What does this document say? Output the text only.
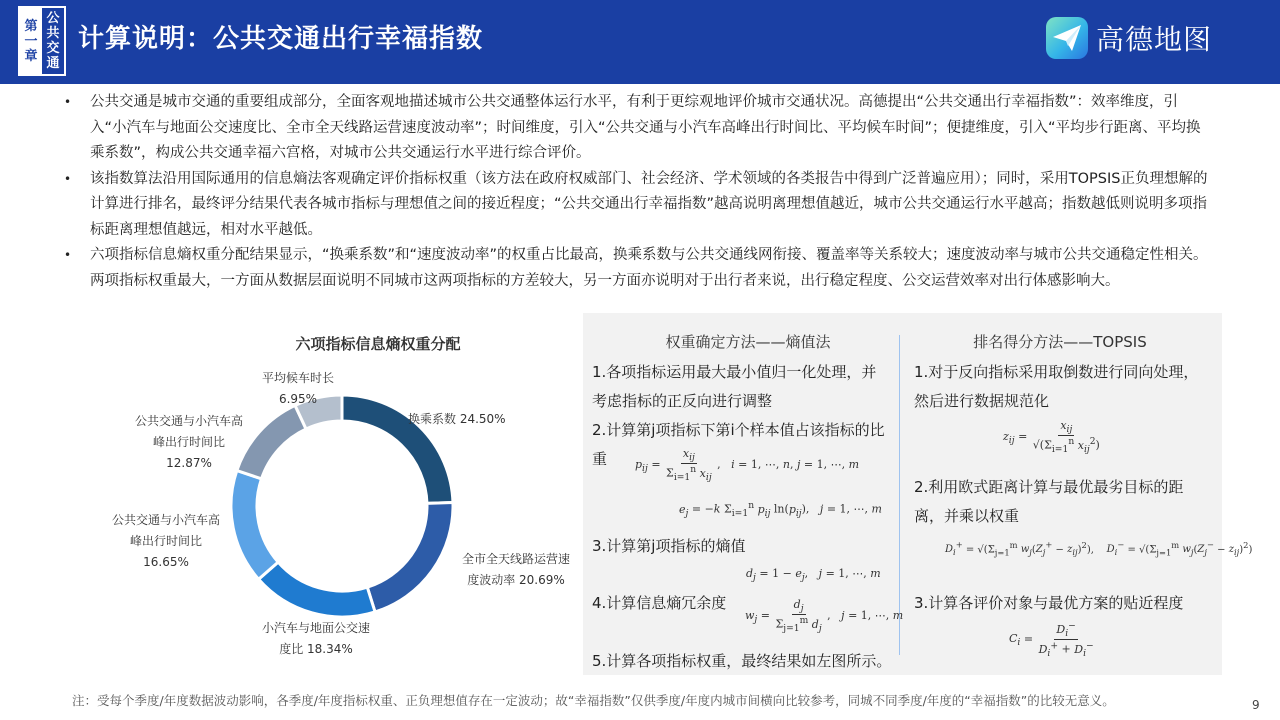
第
一
章
公
共
交
通
计算说明：公共交通出行幸福指数	高德地图
• 公共交通是城市交通的重要组成部分，全面客观地描述城市公共交通整体运行水平，有利于更综观地评价城市交通状况。高德提出“公共交通出行幸福指数”：效率维度，引入“小汽车与地面公交速度比、全市全天线路运营速度波动率”；时间维度，引入“公共交通与小汽车高峰出行时间比、平均候车时间”；便捷维度，引入“平均步行距离、平均换乘系数”，构成公共交通幸福六宫格，对城市公共交通运行水平进行综合评价。
• 该指数算法沿用国际通用的信息熵法客观确定评价指标权重（该方法在政府权威部门、社会经济、学术领域的各类报告中得到广泛普遍应用）；同时，采用TOPSIS正负理想解的计算进行排名，最终评分结果代表各城市指标与理想值之间的接近程度；“公共交通出行幸福指数”越高说明离理想值越近，城市公共交通运行水平越高；指数越低则说明多项指标距离理想值越远，相对水平越低。
• 六项指标信息熵权重分配结果显示，“换乘系数”和“速度波动率”的权重占比最高，换乘系数与公共交通线网衔接、覆盖率等关系较大；速度波动率与城市公共交通稳定性相关。两项指标权重最大，一方面从数据层面说明不同城市这两项指标的方差较大，另一方面亦说明对于出行者来说，出行稳定程度、公交运营效率对出行体感影响大。
六项指标信息熵权重分配
换乘系数 24.50%
全市全天线路运营速
度波动率 20.69%
小汽车与地面公交速
度比 18.34%
公共交通与小汽车高
峰出行时间比
16.65%
公共交通与小汽车高
峰出行时间比
12.87%
平均候车时长
6.95%
权重确定方法——熵值法	排名得分方法——TOPSIS
1.各项指标运用最大最小值归一化处理，并
考虑指标的正反向进行调整
2.计算第j项指标下第i个样本值占该指标的比
重	$p_{ij} = \frac{x_{ij}}{\Sigma_{i=1}^n x_{ij}}$ ,   i = 1, ⋯, n, j = 1, ⋯, m
$e_j = -k$ $\Sigma_{i=1}^n$ $p_{ij}$ $\ln(p_{ij})$,   j = 1, ⋯, m
3.计算第j项指标的熵值
$d_j = 1 - e_j$,   j = 1, ⋯, m
4.计算信息熵冗余度
$w_j = \frac{d_j}{\Sigma_{j=1}^m d_j}$ ,   j = 1, ⋯, m
5.计算各项指标权重，最终结果如左图所示。
1.对于反向指标采用取倒数进行同向处理，
然后进行数据规范化
$z_{ij} = \frac{x_{ij}}{√(\Sigma_{i=1}^n x_{ij}^2)}$
2.利用欧式距离计算与最优最劣目标的距
离，并乘以权重
$D_i^+ = √(\Sigma_{j=1}^m$ $w_j(Z_j^+ - z_{ij})^2$),    $D_i^- = √(\Sigma_{j=1}^m$ $w_j(Z_j^- - z_{ij})^2$)
3.计算各评价对象与最优方案的贴近程度
$C_i = \frac{D_i^-}{D_i^+ + D_i^-}$
注：受每个季度/年度数据波动影响，各季度/年度指标权重、正负理想值存在一定波动；故“幸福指数”仅供季度/年度内城市间横向比较参考，同城不同季度/年度的“幸福指数”的比较无意义。	9
